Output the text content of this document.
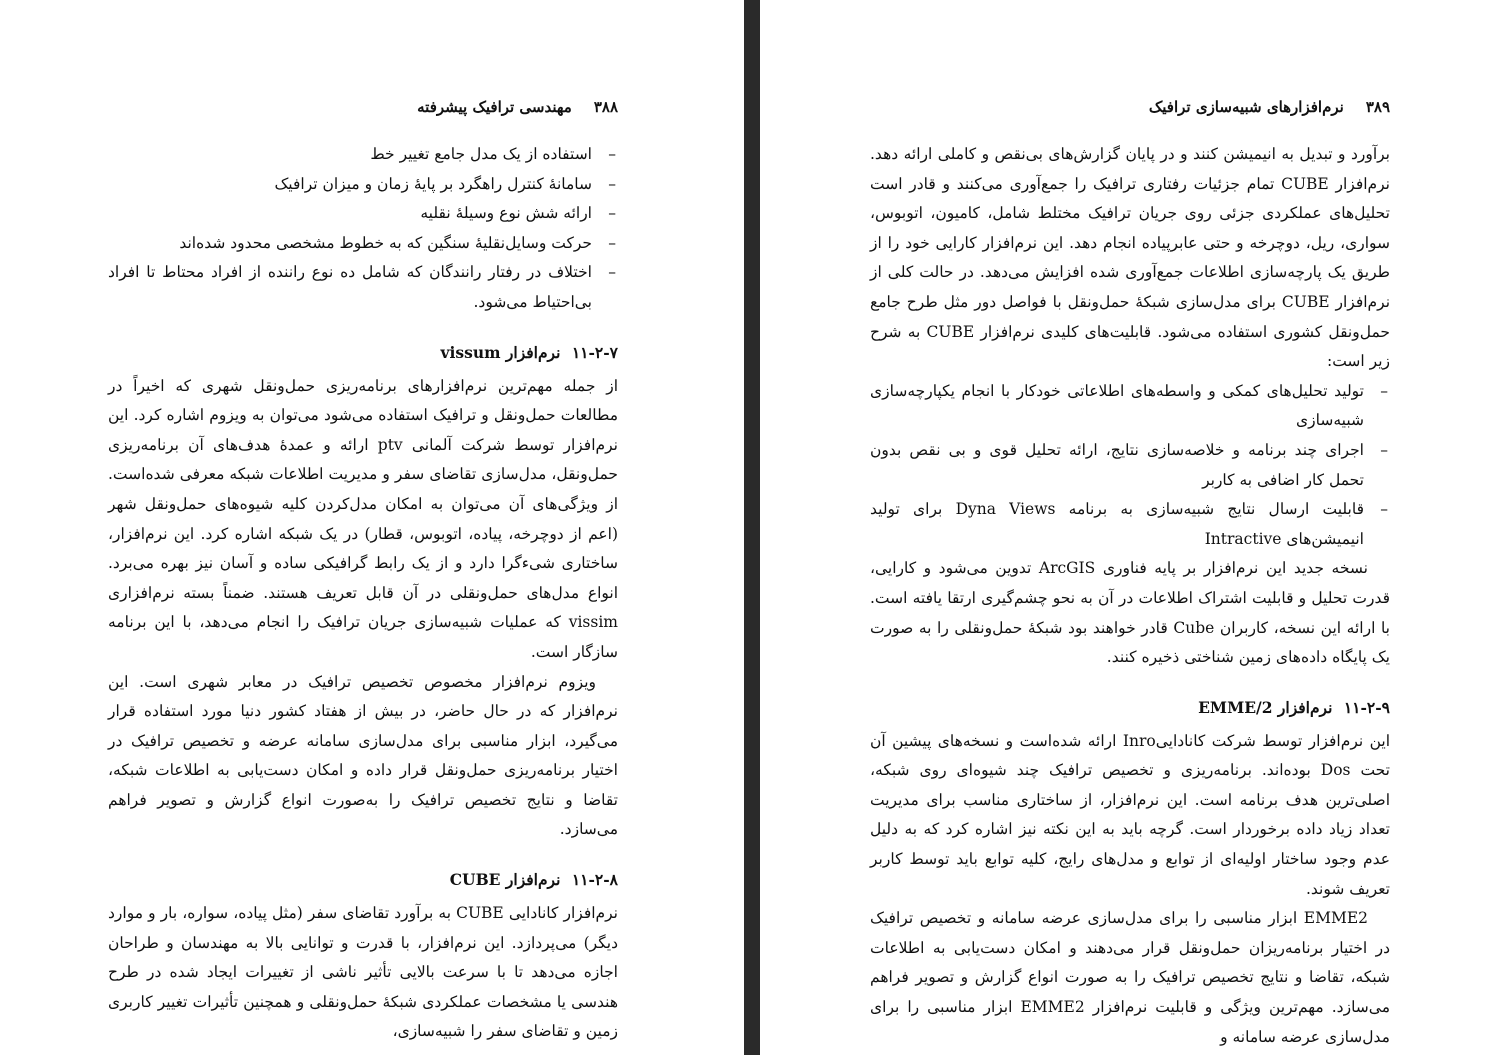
۳۸۸
مهندسی ترافیک پیشرفته
– استفاده از یک مدل جامع تغییر خط
– سامانهٔ کنترل راهگرد بر پایهٔ زمان و میزان ترافیک
– ارائه شش نوع وسیلهٔ نقلیه
– حرکت وسایل‌نقلیهٔ سنگین که به خطوط مشخصی محدود شده‌اند
– اختلاف در رفتار رانندگان که شامل ده نوع راننده از افراد محتاط تا افراد بی‌احتیاط می‌شود.
۱۱-۲-۷ نرم‌افزار vissum

از جمله مهم‌ترین نرم‌افزارهای برنامه‌ریزی حمل‌ونقل شهری که اخیراً در مطالعات حمل‌ونقل و ترافیک استفاده می‌شود می‌توان به ویزوم اشاره کرد. این نرم‌افزار توسط شرکت آلمانی ptv ارائه و عمدهٔ هدف‌های آن برنامه‌ریزی حمل‌ونقل، مدل‌سازی تقاضای سفر و مدیریت اطلاعات شبکه معرفی شده‌است. از ویژگی‌های آن می‌توان به امکان مدل‌کردن کلیه شیوه‌های حمل‌ونقل شهر (اعم از دوچرخه، پیاده، اتوبوس، قطار) در یک شبکه اشاره کرد. این نرم‌افزار، ساختاری شیء‌گرا دارد و از یک رابط گرافیکی ساده و آسان نیز بهره می‌برد. انواع مدل‌های حمل‌ونقلی در آن قابل تعریف هستند. ضمناً بسته نرم‌افزاری vissim که عملیات شبیه‌سازی جریان ترافیک را انجام می‌دهد، با این برنامه سازگار است.

ویزوم نرم‌افزار مخصوص تخصیص ترافیک در معابر شهری است. این نرم‌افزار که در حال حاضر، در بیش از هفتاد کشور دنیا مورد استفاده قرار می‌گیرد، ابزار مناسبی برای مدل‌سازی سامانه عرضه و تخصیص ترافیک در اختیار برنامه‌ریزی حمل‌ونقل قرار داده و امکان دست‌یابی به اطلاعات شبکه، تقاضا و نتایج تخصیص ترافیک را به‌صورت انواع گزارش و تصویر فراهم می‌سازد.

۱۱-۲-۸ نرم‌افزار CUBE

نرم‌افزار کانادایی CUBE به برآورد تقاضای سفر (مثل پیاده، سواره، بار و موارد دیگر) می‌پردازد. این نرم‌افزار، با قدرت و توانایی بالا به مهندسان و طراحان اجازه می‌دهد تا با سرعت بالایی تأثیر ناشی از تغییرات ایجاد شده در طرح هندسی یا مشخصات عملکردی شبکهٔ حمل‌ونقلی و همچنین تأثیرات تغییر کاربری زمین و تقاضای سفر را شبیه‌سازی،

۳۸۹
نرم‌افزارهای شبیه‌سازی ترافیک

برآورد و تبدیل به انیمیشن کنند و در پایان گزارش‌های بی‌نقص و کاملی ارائه دهد. نرم‌افزار CUBE تمام جزئیات رفتاری ترافیک را جمع‌آوری می‌کنند و قادر است تحلیل‌های عملکردی جزئی روی جریان ترافیک مختلط شامل، کامیون، اتوبوس، سواری، ریل، دوچرخه و حتی عابرپیاده انجام دهد. این نرم‌افزار کارایی خود را از طریق یک پارچه‌سازی اطلاعات جمع‌آوری شده افزایش می‌دهد. در حالت کلی از نرم‌افزار CUBE برای مدل‌سازی شبکهٔ حمل‌ونقل با فواصل دور مثل طرح جامع حمل‌ونقل کشوری استفاده می‌شود. قابلیت‌های کلیدی نرم‌افزار CUBE به شرح زیر است:

– تولید تحلیل‌های کمکی و واسطه‌های اطلاعاتی خودکار با انجام یکپارچه‌سازی شبیه‌سازی
– اجرای چند برنامه و خلاصه‌سازی نتایج، ارائه تحلیل قوی و بی نقص بدون تحمل کار اضافی به کاربر
– قابلیت ارسال نتایج شبیه‌سازی به برنامه Dyna Views برای تولید انیمیشن‌های Intractive

نسخه جدید این نرم‌افزار بر پایه فناوری ArcGIS تدوین می‌شود و کارایی، قدرت تحلیل و قابلیت اشتراک اطلاعات در آن به نحو چشم‌گیری ارتقا یافته است. با ارائه این نسخه، کاربران Cube قادر خواهند بود شبکهٔ حمل‌ونقلی را به صورت یک پایگاه داده‌های زمین شناختی ذخیره کنند.

۱۱-۲-۹ نرم‌افزار EMME/2

این نرم‌افزار توسط شرکت کاناداییInro ارائه شده‌است و نسخه‌های پیشین آن تحت Dos بوده‌اند. برنامه‌ریزی و تخصیص ترافیک چند شیوه‌ای روی شبکه، اصلی‌ترین هدف برنامه است. این نرم‌افزار، از ساختاری مناسب برای مدیریت تعداد زیاد داده برخوردار است. گرچه باید به این نکته نیز اشاره کرد که به دلیل عدم وجود ساختار اولیه‌ای از توابع و مدل‌های رایج، کلیه توابع باید توسط کاربر تعریف شوند.

EMME2 ابزار مناسبی را برای مدل‌سازی عرضه سامانه و تخصیص ترافیک در اختیار برنامه‌ریزان حمل‌ونقل قرار می‌دهند و امکان دست‌یابی به اطلاعات شبکه، تقاضا و نتایج تخصیص ترافیک را به صورت انواع گزارش و تصویر فراهم می‌سازد. مهم‌ترین ویژگی و قابلیت نرم‌افزار EMME2 ابزار مناسبی را برای مدل‌سازی عرضه سامانه و
